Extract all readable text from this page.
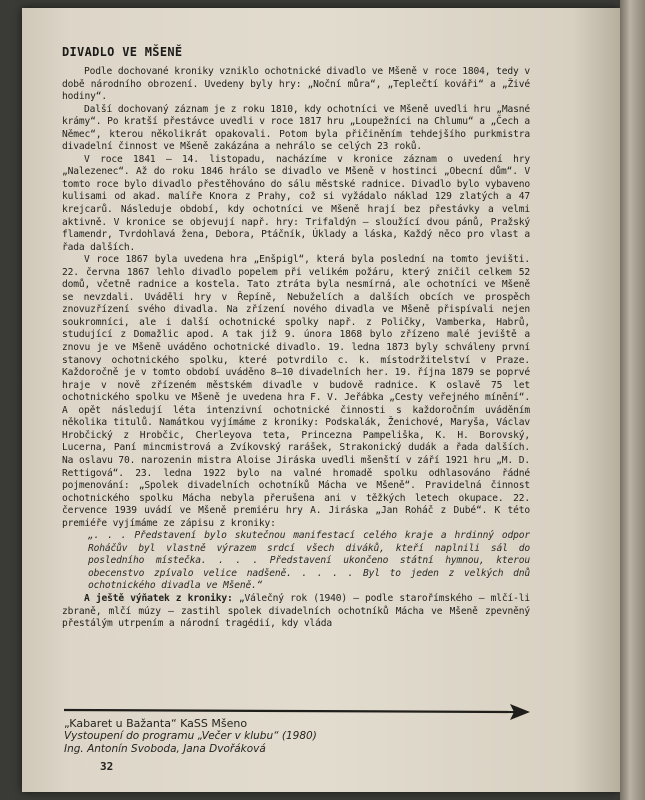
DIVADLO VE MŠENĚ

Podle dochované kroniky vzniklo ochotnické divadlo ve Mšeně v roce 1804, tedy v době národního obrození. Uvedeny byly hry: „Noční můra“, „Teplečtí kováři“ a „Živé hodiny“.

Další dochovaný záznam je z roku 1810, kdy ochotníci ve Mšeně uvedli hru „Masné krámy“. Po kratší přestávce uvedli v roce 1817 hru „Loupežníci na Chlumu“ a „Čech a Němec“, kterou několikrát opakovali. Potom byla přičiněním tehdejšího purkmistra divadelní činnost ve Mšeně zakázána a nehrálo se celých 23 roků.

V roce 1841 — 14. listopadu, nacházíme v kronice záznam o uvedení hry „Nalezenec“. Až do roku 1846 hrálo se divadlo ve Mšeně v hostinci „Obecní dům“. V tomto roce bylo divadlo přestěhováno do sálu městské radnice. Divadlo bylo vybaveno kulisami od akad. malíře Knora z Prahy, což si vyžádalo náklad 129 zlatých a 47 krejcarů. Následuje období, kdy ochotníci ve Mšeně hrají bez přestávky a velmi aktivně. V kronice se objevují např. hry: Trifaldýn — sloužící dvou pánů, Pražský flamendr, Tvrdohlavá žena, Debora, Ptáčník, Úklady a láska, Každý něco pro vlast a řada dalších.

V roce 1867 byla uvedena hra „Enšpigl“, která byla poslední na tomto jevišti. 22. června 1867 lehlo divadlo popelem při velikém požáru, který zničil celkem 52 domů, včetně radnice a kostela. Tato ztráta byla nesmírná, ale ochotníci ve Mšeně se nevzdali. Uváděli hry v Řepíně, Nebuželích a dalších obcích ve prospěch znovuzřízení svého divadla. Na zřízení nového divadla ve Mšeně přispívali nejen soukromníci, ale i další ochotnické spolky např. z Poličky, Vamberka, Habrů, studující z Domažlic apod. A tak již 9. února 1868 bylo zřízeno malé jeviště a znovu je ve Mšeně uváděno ochotnické divadlo. 19. ledna 1873 byly schváleny první stanovy ochotnického spolku, které potvrdilo c. k. místodržitelství v Praze. Každoročně je v tomto období uváděno 8—10 divadelních her. 19. října 1879 se poprvé hraje v nově zřízeném městském divadle v budově radnice. K oslavě 75 let ochotnického spolku ve Mšeně je uvedena hra F. V. Jeřábka „Cesty veřejného mínění“. A opět následují léta intenzivní ochotnické činnosti s každoročním uváděním několika titulů. Namátkou vyjímáme z kroniky: Podskalák, Ženichové, Maryša, Václav Hrobčický z Hrobčic, Cherleyova teta, Princezna Pampeliška, K. H. Borovský, Lucerna, Paní mincmistrová a Zvíkovský rarášek, Strakonický dudák a řada dalších. Na oslavu 70. narozenin mistra Aloise Jiráska uvedli mšenští v září 1921 hru „M. D. Rettigová“. 23. ledna 1922 bylo na valné hromadě spolku odhlasováno řádné pojmenování: „Spolek divadelních ochotníků Mácha ve Mšeně“. Pravidelná činnost ochotnického spolku Mácha nebyla přerušena ani v těžkých letech okupace. 22. července 1939 uvádí ve Mšeně premiéru hry A. Jiráska „Jan Roháč z Dubé“. K této premiéře vyjímáme ze zápisu z kroniky:

„. . . Představení bylo skutečnou manifestací celého kraje a hrdinný odpor Roháčův byl vlastně výrazem srdcí všech diváků, kteří naplnili sál do posledního místečka. . . . Představení ukončeno státní hymnou, kterou obecenstvo zpívalo velice nadšeně. . . . . Byl to jeden z velkých dnů ochotnického divadla ve Mšeně.“

A ještě výňatek z kroniky: „Válečný rok (1940) — podle starořímského — mlčí-li zbraně, mlčí múzy — zastihl spolek divadelních ochotníků Mácha ve Mšeně zpevněný přestálým utrpením a národní tragédií, kdy vláda

„Kabaret u Bažanta“ KaSS Mšeno
Vystoupení do programu „Večer v klubu“ (1980)
Ing. Antonín Svoboda, Jana Dvořáková
32
